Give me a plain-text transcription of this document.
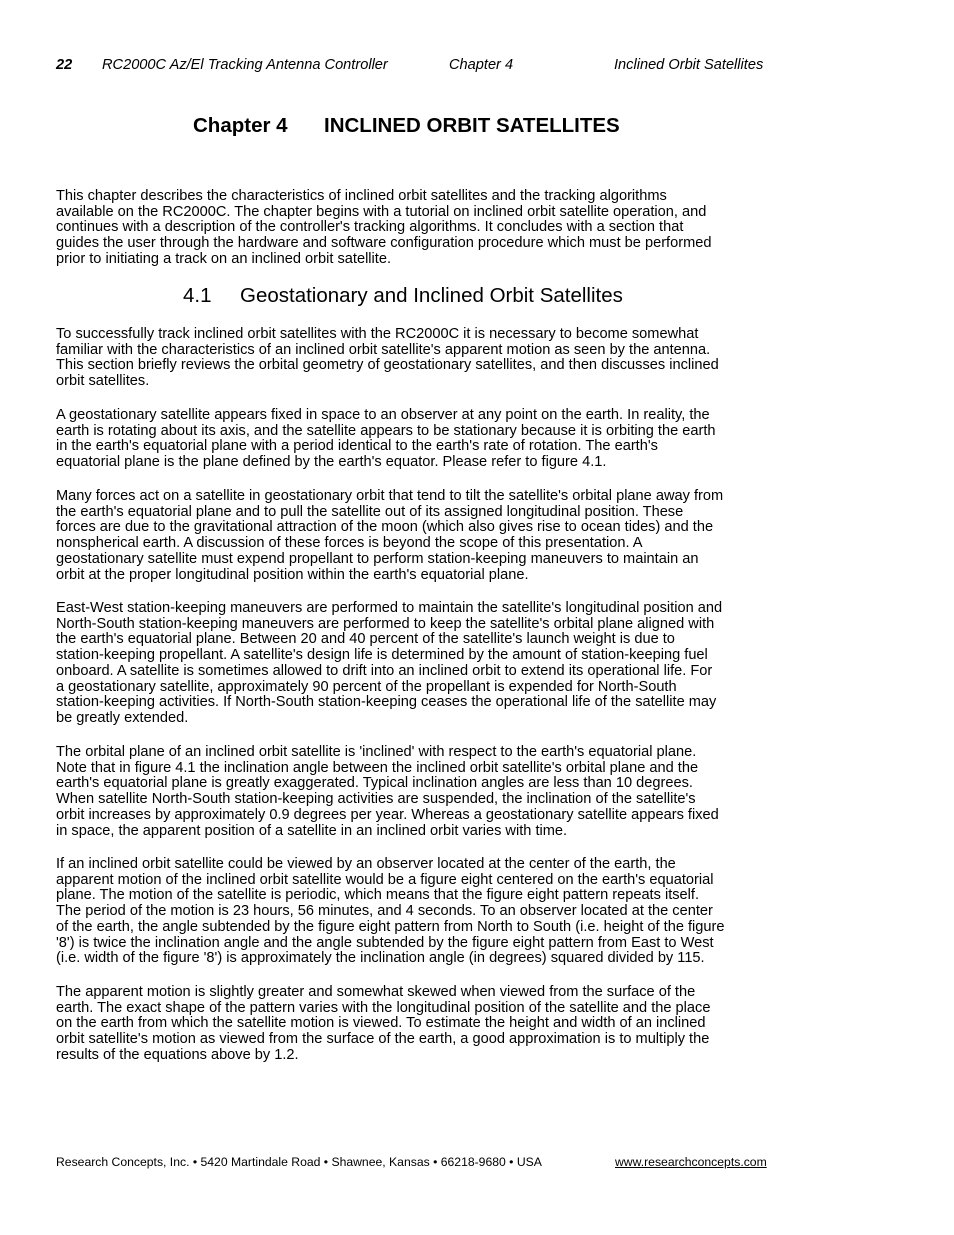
22 RC2000C Az/El Tracking Antenna Controller	Chapter 4	Inclined Orbit Satellites
Chapter 4 INCLINED ORBIT SATELLITES

This chapter describes the characteristics of inclined orbit satellites and the tracking algorithms
available on the RC2000C. The chapter begins with a tutorial on inclined orbit satellite operation, and
continues with a description of the controller's tracking algorithms. It concludes with a section that
guides the user through the hardware and software configuration procedure which must be performed
prior to initiating a track on an inclined orbit satellite.

4.1 Geostationary and Inclined Orbit Satellites

To successfully track inclined orbit satellites with the RC2000C it is necessary to become somewhat
familiar with the characteristics of an inclined orbit satellite's apparent motion as seen by the antenna.
This section briefly reviews the orbital geometry of geostationary satellites, and then discusses inclined
orbit satellites.

A geostationary satellite appears fixed in space to an observer at any point on the earth. In reality, the
earth is rotating about its axis, and the satellite appears to be stationary because it is orbiting the earth
in the earth's equatorial plane with a period identical to the earth's rate of rotation. The earth's
equatorial plane is the plane defined by the earth's equator. Please refer to figure 4.1.

Many forces act on a satellite in geostationary orbit that tend to tilt the satellite's orbital plane away from
the earth's equatorial plane and to pull the satellite out of its assigned longitudinal position. These
forces are due to the gravitational attraction of the moon (which also gives rise to ocean tides) and the
nonspherical earth. A discussion of these forces is beyond the scope of this presentation. A
geostationary satellite must expend propellant to perform station-keeping maneuvers to maintain an
orbit at the proper longitudinal position within the earth's equatorial plane.

East-West station-keeping maneuvers are performed to maintain the satellite's longitudinal position and
North-South station-keeping maneuvers are performed to keep the satellite's orbital plane aligned with
the earth's equatorial plane. Between 20 and 40 percent of the satellite's launch weight is due to
station-keeping propellant. A satellite's design life is determined by the amount of station-keeping fuel
onboard. A satellite is sometimes allowed to drift into an inclined orbit to extend its operational life. For
a geostationary satellite, approximately 90 percent of the propellant is expended for North-South
station-keeping activities. If North-South station-keeping ceases the operational life of the satellite may
be greatly extended.

The orbital plane of an inclined orbit satellite is 'inclined' with respect to the earth's equatorial plane.
Note that in figure 4.1 the inclination angle between the inclined orbit satellite's orbital plane and the
earth's equatorial plane is greatly exaggerated. Typical inclination angles are less than 10 degrees.
When satellite North-South station-keeping activities are suspended, the inclination of the satellite's
orbit increases by approximately 0.9 degrees per year. Whereas a geostationary satellite appears fixed
in space, the apparent position of a satellite in an inclined orbit varies with time.

If an inclined orbit satellite could be viewed by an observer located at the center of the earth, the
apparent motion of the inclined orbit satellite would be a figure eight centered on the earth's equatorial
plane. The motion of the satellite is periodic, which means that the figure eight pattern repeats itself.
The period of the motion is 23 hours, 56 minutes, and 4 seconds. To an observer located at the center
of the earth, the angle subtended by the figure eight pattern from North to South (i.e. height of the figure
'8') is twice the inclination angle and the angle subtended by the figure eight pattern from East to West
(i.e. width of the figure '8') is approximately the inclination angle (in degrees) squared divided by 115.

The apparent motion is slightly greater and somewhat skewed when viewed from the surface of the
earth. The exact shape of the pattern varies with the longitudinal position of the satellite and the place
on the earth from which the satellite motion is viewed. To estimate the height and width of an inclined
orbit satellite's motion as viewed from the surface of the earth, a good approximation is to multiply the
results of the equations above by 1.2.

Research Concepts, Inc. • 5420 Martindale Road • Shawnee, Kansas • 66218-9680 • USA	www.researchconcepts.com
